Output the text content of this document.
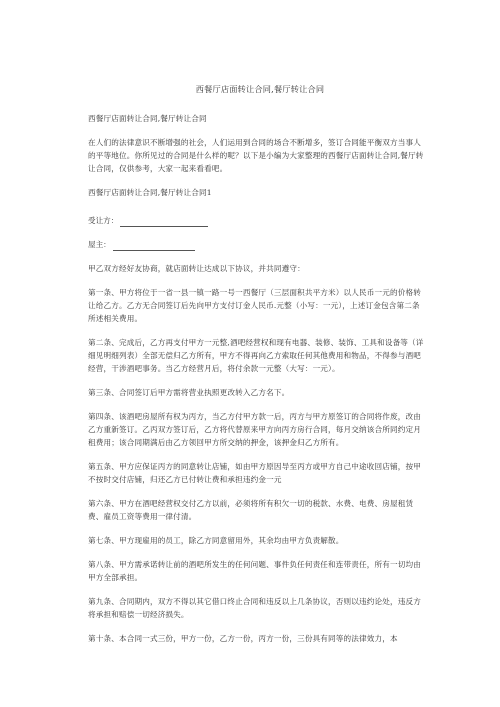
西餐厅店面转让合同,餐厅转让合同

西餐厅店面转让合同,餐厅转让合同

在人们的法律意识不断增强的社会，人们运用到合同的场合不断增多，签订合同能平衡双方当事人的平等地位。你所见过的合同是什么样的呢？以下是小编为大家整理的西餐厅店面转让合同,餐厅转让合同，仅供参考，大家一起来看看吧。

西餐厅店面转让合同,餐厅转让合同1

受让方：
屋主：

甲乙双方经好友协商，就店面转让达成以下协议，并共同遵守：

第一条、甲方将位于一省一县一镇一路一号一西餐厅（三层面积共平方米）以人民币一元的价格转让给乙方。乙方无合同签订后先向甲方支付订金人民币.元整（小写：一元），上述订金包含第二条所述相关费用。

第二条、完成后，乙方再支付甲方一元整,酒吧经营权和现有电器、装修、装饰、工具和设备等（详细见明细列表）全部无偿归乙方所有，甲方不得再向乙方索取任何其他费用和物品，不得参与酒吧经营，干涉酒吧事务。当乙方经营月后，将付余款一元整（大写：一元）。

第三条、合同签订后甲方需将营业执照更改转入乙方名下。

第四条、该酒吧房屋所有权为丙方，当乙方付甲方款一后，丙方与甲方原签订的合同将作废，改由乙方重新签订。乙丙双方签订后，乙方将代替原来甲方向丙方房行合同，每月交纳该合所同约定月租费用；该合同期满后由乙方领回甲方所交纳的押金，该押金归乙方所有。

第五条、甲方应保证丙方的同意转让店铺，如由甲方原因导至丙方或甲方自己中途收回店铺，按甲不按时交付店铺，归还乙方已付转让费和承担违约金一元

第六条、甲方在酒吧经营权交付乙方以前，必须将所有积欠一切的税款、水费、电费、房屋租赁费、雇员工资等费用一律付清。

第七条、甲方现雇用的员工，除乙方同意留用外，其余均由甲方负责解散。

第八条、甲方需承诺转让前的酒吧所发生的任何问题、事件负任何责任和连带责任，所有一切均由甲方全部承担。

第九条、合同期内，双方不得以其它借口终止合同和违反以上几条协议，否则以违约论处，违反方将承担和赔偿一切经济损失。

第十条、本合同一式三份，甲方一份，乙方一份，丙方一份，三份具有同等的法律效力，本
